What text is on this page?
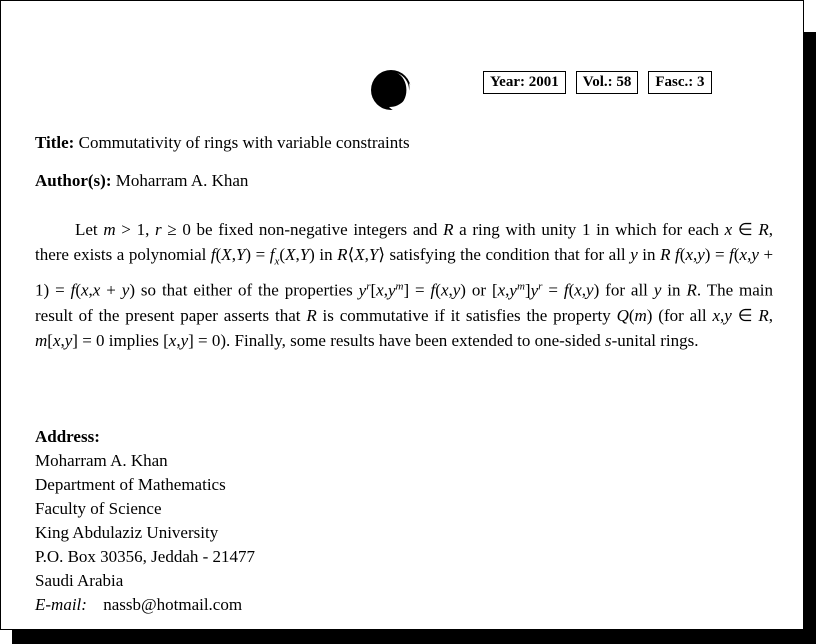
Year: 2001	Vol.: 58	Fasc.: 3
Title: Commutativity of rings with variable constraints
Author(s): Moharram A. Khan

Let m > 1, r ≥ 0 be fixed non-negative integers and R a ring with unity 1 in which for each x ∈ R, there exists a polynomial $f(X,Y) = f_x(X,Y)$ in R⟨X,Y⟩ satisfying the condition that for all y in R f(x,y) = f(x,y + 1) = f(x,x + y) so that either of the properties $y^r[x,y^m] = f(x,y)$ or $[x,y^m]y^r = f(x,y)$ for all y in R. The main result of the present paper asserts that R is commutative if it satisfies the property Q(m) (for all x,y ∈ R, m[x,y] = 0 implies [x,y] = 0). Finally, some results have been extended to one-sided s-unital rings.

Address:
Moharram A. Khan
Department of Mathematics
Faculty of Science
King Abdulaziz University
P.O. Box 30356, Jeddah - 21477
Saudi Arabia
E-mail: nassb@hotmail.com
